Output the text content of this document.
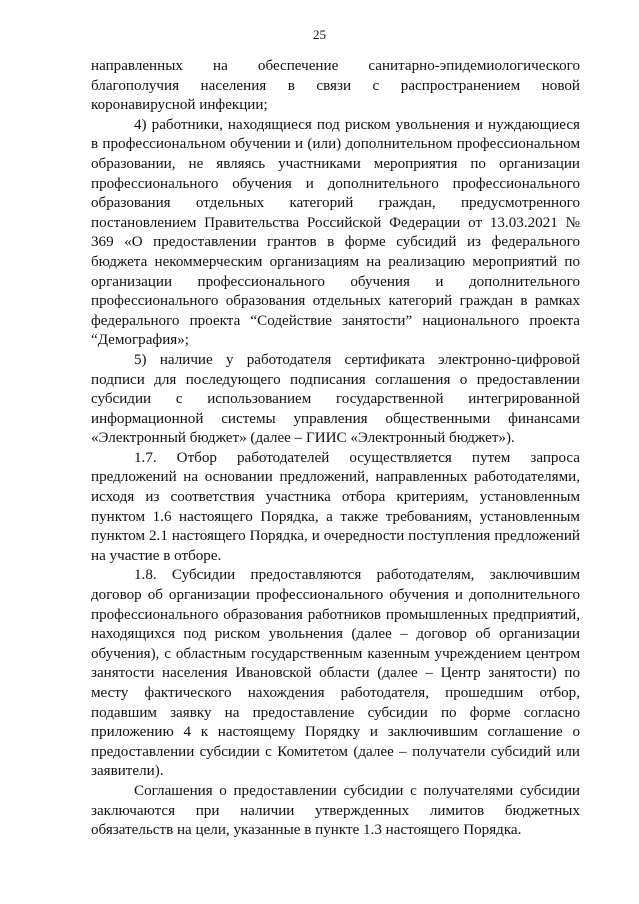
25

направленных на обеспечение санитарно-эпидемиологического благополучия населения в связи с распространением новой коронавирусной инфекции;

4) работники, находящиеся под риском увольнения и нуждающиеся в профессиональном обучении и (или) дополнительном профессиональном образовании, не являясь участниками мероприятия по организации профессионального обучения и дополнительного профессионального образования отдельных категорий граждан, предусмотренного постановлением Правительства Российской Федерации от 13.03.2021 № 369 «О предоставлении грантов в форме субсидий из федерального бюджета некоммерческим организациям на реализацию мероприятий по организации профессионального обучения и дополнительного профессионального образования отдельных категорий граждан в рамках федерального проекта “Содействие занятости” национального проекта “Демография»;

5) наличие у работодателя сертификата электронно-цифровой подписи для последующего подписания соглашения о предоставлении субсидии с использованием государственной интегрированной информационной системы управления общественными финансами «Электронный бюджет» (далее – ГИИС «Электронный бюджет»).

1.7. Отбор работодателей осуществляется путем запроса предложений на основании предложений, направленных работодателями, исходя из соответствия участника отбора критериям, установленным пунктом 1.6 настоящего Порядка, а также требованиям, установленным пунктом 2.1 настоящего Порядка, и очередности поступления предложений на участие в отборе.

1.8. Субсидии предоставляются работодателям, заключившим договор об организации профессионального обучения и дополнительного профессионального образования работников промышленных предприятий, находящихся под риском увольнения (далее – договор об организации обучения), с областным государственным казенным учреждением центром занятости населения Ивановской области (далее – Центр занятости) по месту фактического нахождения работодателя, прошедшим отбор, подавшим заявку на предоставление субсидии по форме согласно приложению 4 к настоящему Порядку и заключившим соглашение о предоставлении субсидии с Комитетом (далее – получатели субсидий или заявители).

Соглашения о предоставлении субсидии с получателями субсидии заключаются при наличии утвержденных лимитов бюджетных обязательств на цели, указанные в пункте 1.3 настоящего Порядка.
